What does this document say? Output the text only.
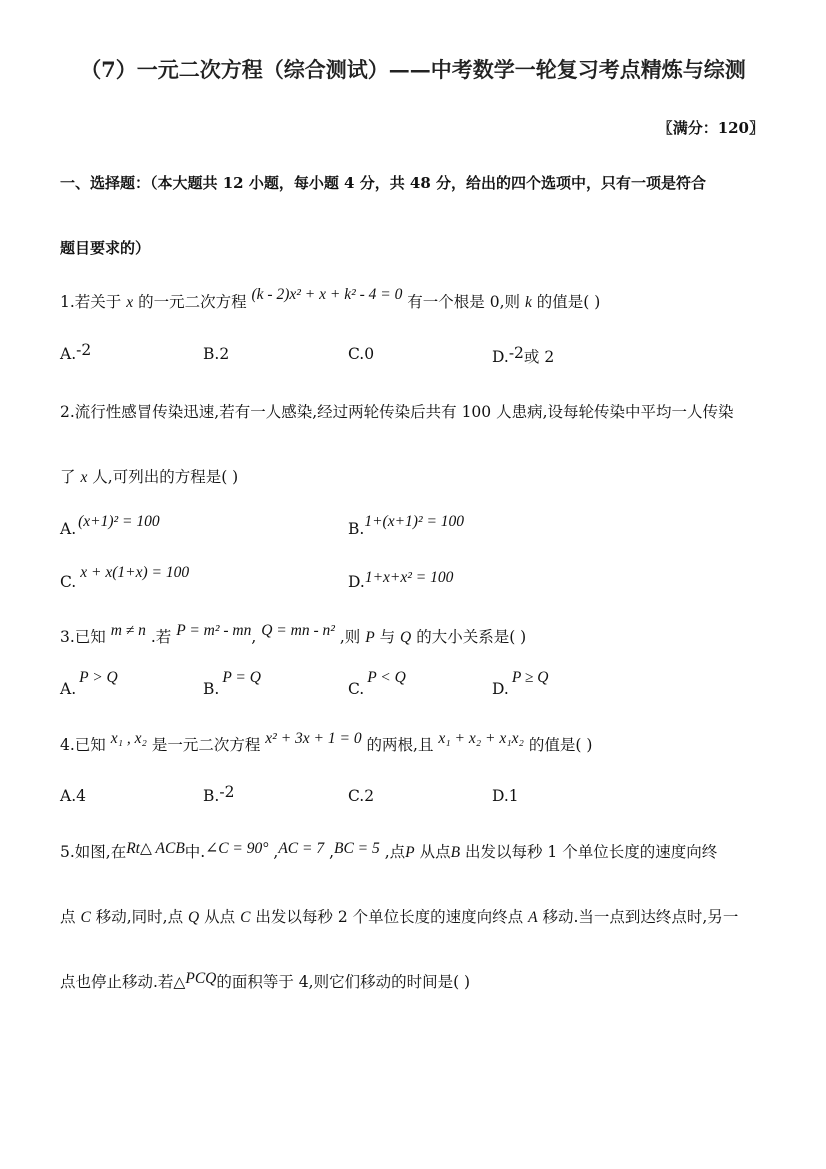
（7）一元二次方程（综合测试）——中考数学一轮复习考点精炼与综测
〖满分：120〗
一、选择题：（本大题共 12 小题，每小题 4 分，共 48 分，给出的四个选项中，只有一项是符合
题目要求的）
1.若关于 x 的一元二次方程 (k - 2)x² + x + k² - 4 = 0 有一个根是 0,则 k 的值是( )
A.-2	B.2	C.0	D.-2或 2
2.流行性感冒传染迅速,若有一人感染,经过两轮传染后共有 100 人患病,设每轮传染中平均一人传染
了 x 人,可列出的方程是( )
A. (x+1)² = 100	B.1+(x+1)² = 100
C.x + x(1+x) = 100
D.1+x+x² = 100
3.已知 m ≠ n .若 P = m² - mn, Q = mn - n² ,则 P 与 Q 的大小关系是( )
A.P > Q
B.P = Q
C.P < Q
D.P ≥ Q
4.已知 x₁ , x₂ 是一元二次方程 x² + 3x + 1 = 0 的两根,且 x₁ + x₂ + x₁x₂ 的值是( )
A.4	B.-2	C.2	D.1
5.如图,在Rt△ ACB中.∠C = 90° ,AC = 7 ,BC = 5 ,点P 从点B 出发以每秒 1 个单位长度的速度向终
点 C 移动,同时,点 Q 从点 C 出发以每秒 2 个单位长度的速度向终点 A 移动.当一点到达终点时,另一
点也停止移动.若△PCQ的面积等于 4,则它们移动的时间是( )
